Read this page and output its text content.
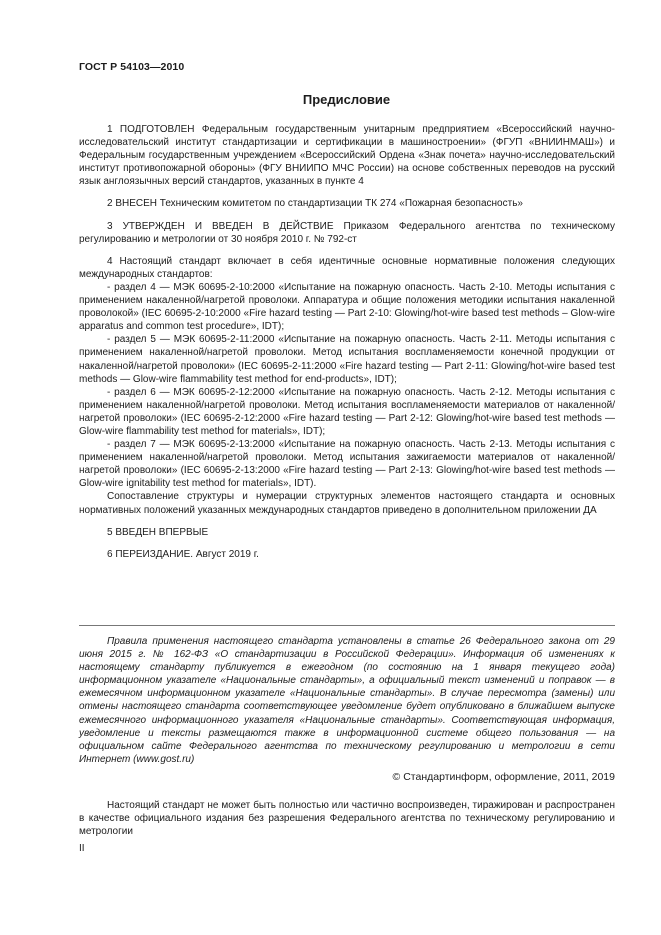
ГОСТ Р 54103—2010
Предисловие
1 ПОДГОТОВЛЕН Федеральным государственным унитарным предприятием «Всероссийский научно-исследовательский институт стандартизации и сертификации в машиностроении» (ФГУП «ВНИИНМАШ») и Федеральным государственным учреждением «Всероссийский Ордена «Знак почета» научно-исследовательский институт противопожарной обороны» (ФГУ ВНИИПО МЧС России) на основе собственных переводов на русский язык англоязычных версий стандартов, указанных в пункте 4
2 ВНЕСЕН Техническим комитетом по стандартизации ТК 274 «Пожарная безопасность»
3 УТВЕРЖДЕН И ВВЕДЕН В ДЕЙСТВИЕ Приказом Федерального агентства по техническому регулированию и метрологии от 30 ноября 2010 г. № 792-ст
4 Настоящий стандарт включает в себя идентичные основные нормативные положения следующих международных стандартов:
- раздел 4 — МЭК 60695-2-10:2000 «Испытание на пожарную опасность. Часть 2-10. Методы испытания с применением накаленной/нагретой проволоки. Аппаратура и общие положения методики испытания накаленной проволокой» (IEC 60695-2-10:2000 «Fire hazard testing — Part 2-10: Glowing/hot-wire based test methods – Glow-wire apparatus and common test procedure», IDT);
- раздел 5 — МЭК 60695-2-11:2000 «Испытание на пожарную опасность. Часть 2-11. Методы испытания с применением накаленной/нагретой проволоки. Метод испытания воспламеняемости конечной продукции от накаленной/нагретой проволоки» (IEC 60695-2-11:2000 «Fire hazard testing — Part 2-11: Glowing/hot-wire based test methods — Glow-wire flammability test method for end-products», IDT);
- раздел 6 — МЭК 60695-2-12:2000 «Испытание на пожарную опасность. Часть 2-12. Методы испытания с применением накаленной/нагретой проволоки. Метод испытания воспламеняемости материалов от накаленной/нагретой проволоки» (IEC 60695-2-12:2000 «Fire hazard testing — Part 2-12: Glowing/hot-wire based test methods — Glow-wire flammability test method for materials», IDT);
- раздел 7 — МЭК 60695-2-13:2000 «Испытание на пожарную опасность. Часть 2-13. Методы испытания с применением накаленной/нагретой проволоки. Метод испытания зажигаемости материалов от накаленной/нагретой проволоки» (IEC 60695-2-13:2000 «Fire hazard testing — Part 2-13: Glowing/hot-wire based test methods — Glow-wire ignitability test method for materials», IDT).
Сопоставление структуры и нумерации структурных элементов настоящего стандарта и основных нормативных положений указанных международных стандартов приведено в дополнительном приложении ДА
5 ВВЕДЕН ВПЕРВЫЕ
6 ПЕРЕИЗДАНИЕ. Август 2019 г.
Правила применения настоящего стандарта установлены в статье 26 Федерального закона от 29 июня 2015 г. № 162-ФЗ «О стандартизации в Российской Федерации». Информация об изменениях к настоящему стандарту публикуется в ежегодном (по состоянию на 1 января текущего года) информационном указателе «Национальные стандарты», а официальный текст изменений и поправок — в ежемесячном информационном указателе «Национальные стандарты». В случае пересмотра (замены) или отмены настоящего стандарта соответствующее уведомление будет опубликовано в ближайшем выпуске ежемесячного информационного указателя «Национальные стандарты». Соответствующая информация, уведомление и тексты размещаются также в информационной системе общего пользования — на официальном сайте Федерального агентства по техническому регулированию и метрологии в сети Интернет (www.gost.ru)
© Стандартинформ, оформление, 2011, 2019
Настоящий стандарт не может быть полностью или частично воспроизведен, тиражирован и распространен в качестве официального издания без разрешения Федерального агентства по техническому регулированию и метрологии
II
